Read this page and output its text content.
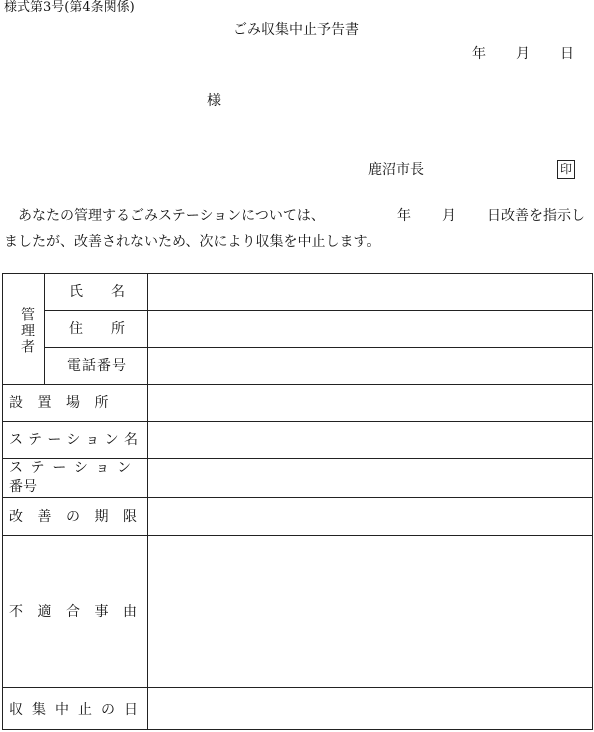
様式第3号(第4条関係)
ごみ収集中止予告書
年 月 日
様
鹿沼市長	印
あなたの管理するごみステーションについては、	年 月 日改善を指示し
ましたが、改善されないため、次により収集を中止します。
管理者
氏 名
住 所
電話番号
設置場所
ステーション名
ステーション
番号
改善の期限
不適合事由
収集中止の日
